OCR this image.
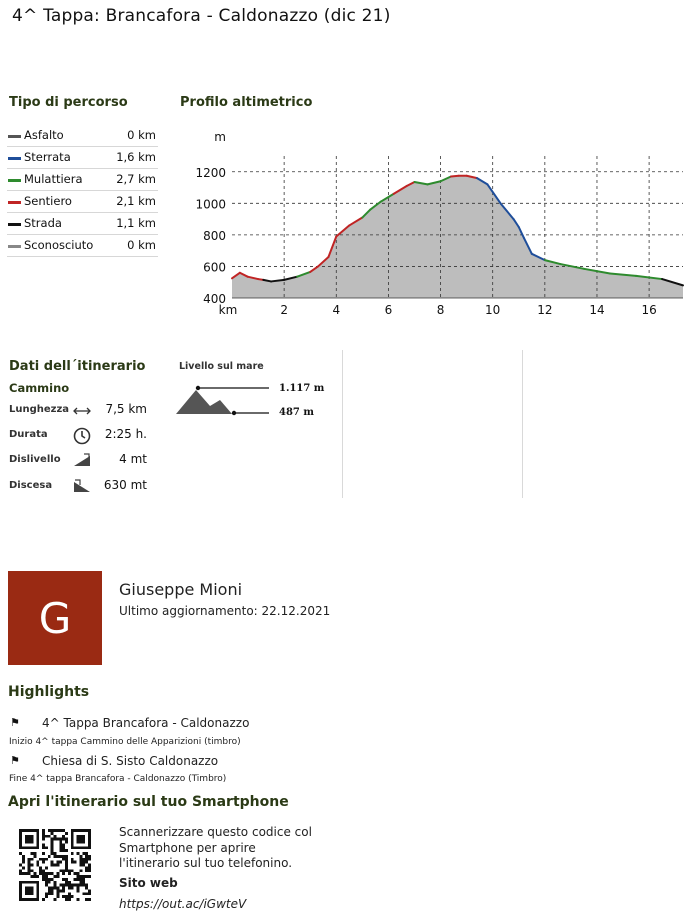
4^ Tappa: Brancafora - Caldonazzo (dic 21)
Tipo di percorso
Asfalto	0 km
Sterrata	1,6 km
Mulattiera	2,7 km
Sentiero	2,1 km
Strada	1,1 km
Sconosciuto	0 km
Profilo altimetrico
400
600
800
1000
1200
m
2	4	6	8	10	12	14	16
km
Dati dell´itinerario
Cammino
Lunghezza	7,5 km
Durata	2:25 h.
Dislivello	4 mt
Discesa	630 mt
Livello sul mare
1.117 m
487 m
G
Giuseppe Mioni
Ultimo aggiornamento: 22.12.2021
Highlights
⚑ 4^ Tappa Brancafora - Caldonazzo
Inizio 4^ tappa Cammino delle Apparizioni (timbro)
⚑ Chiesa di S. Sisto Caldonazzo
Fine 4^ tappa Brancafora - Caldonazzo (Timbro)
Apri l'itinerario sul tuo Smartphone
Scannerizzare questo codice col Smartphone per aprire l'itinerario sul tuo telefonino.
Sito web
https://out.ac/iGwteV
